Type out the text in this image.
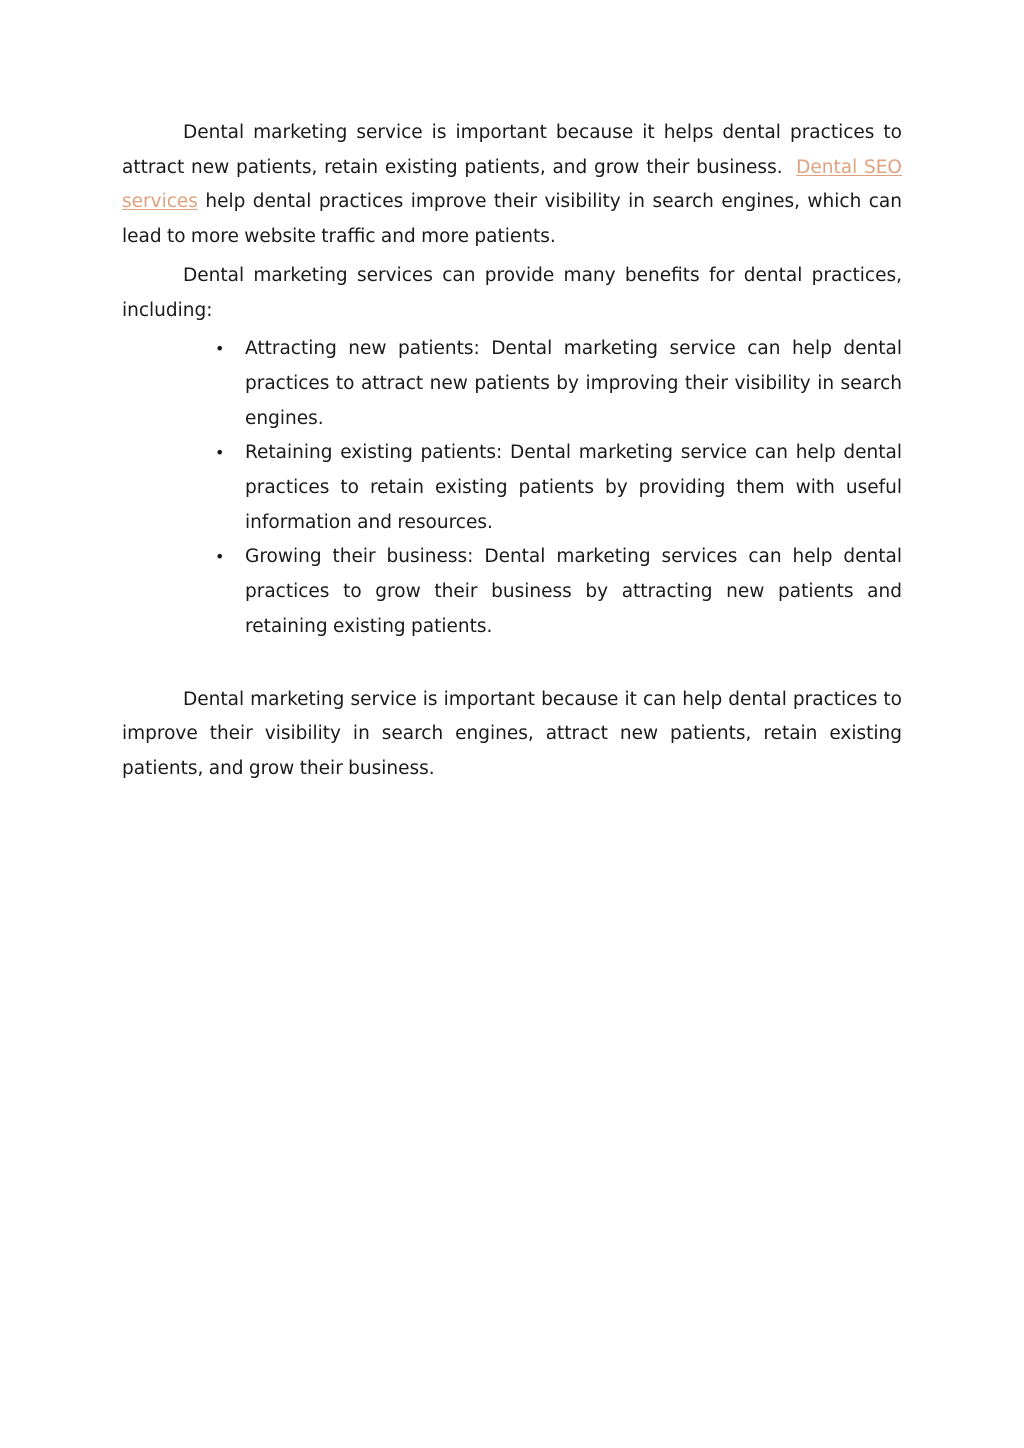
Dental marketing service is important because it helps dental practices to attract new patients, retain existing patients, and grow their business. Dental SEO services help dental practices improve their visibility in search engines, which can lead to more website traffic and more patients.

Dental marketing services can provide many benefits for dental practices, including:

• Attracting new patients: Dental marketing service can help dental practices to attract new patients by improving their visibility in search engines.
• Retaining existing patients: Dental marketing service can help dental practices to retain existing patients by providing them with useful information and resources.
• Growing their business: Dental marketing services can help dental practices to grow their business by attracting new patients and retaining existing patients.

Dental marketing service is important because it can help dental practices to improve their visibility in search engines, attract new patients, retain existing patients, and grow their business.
